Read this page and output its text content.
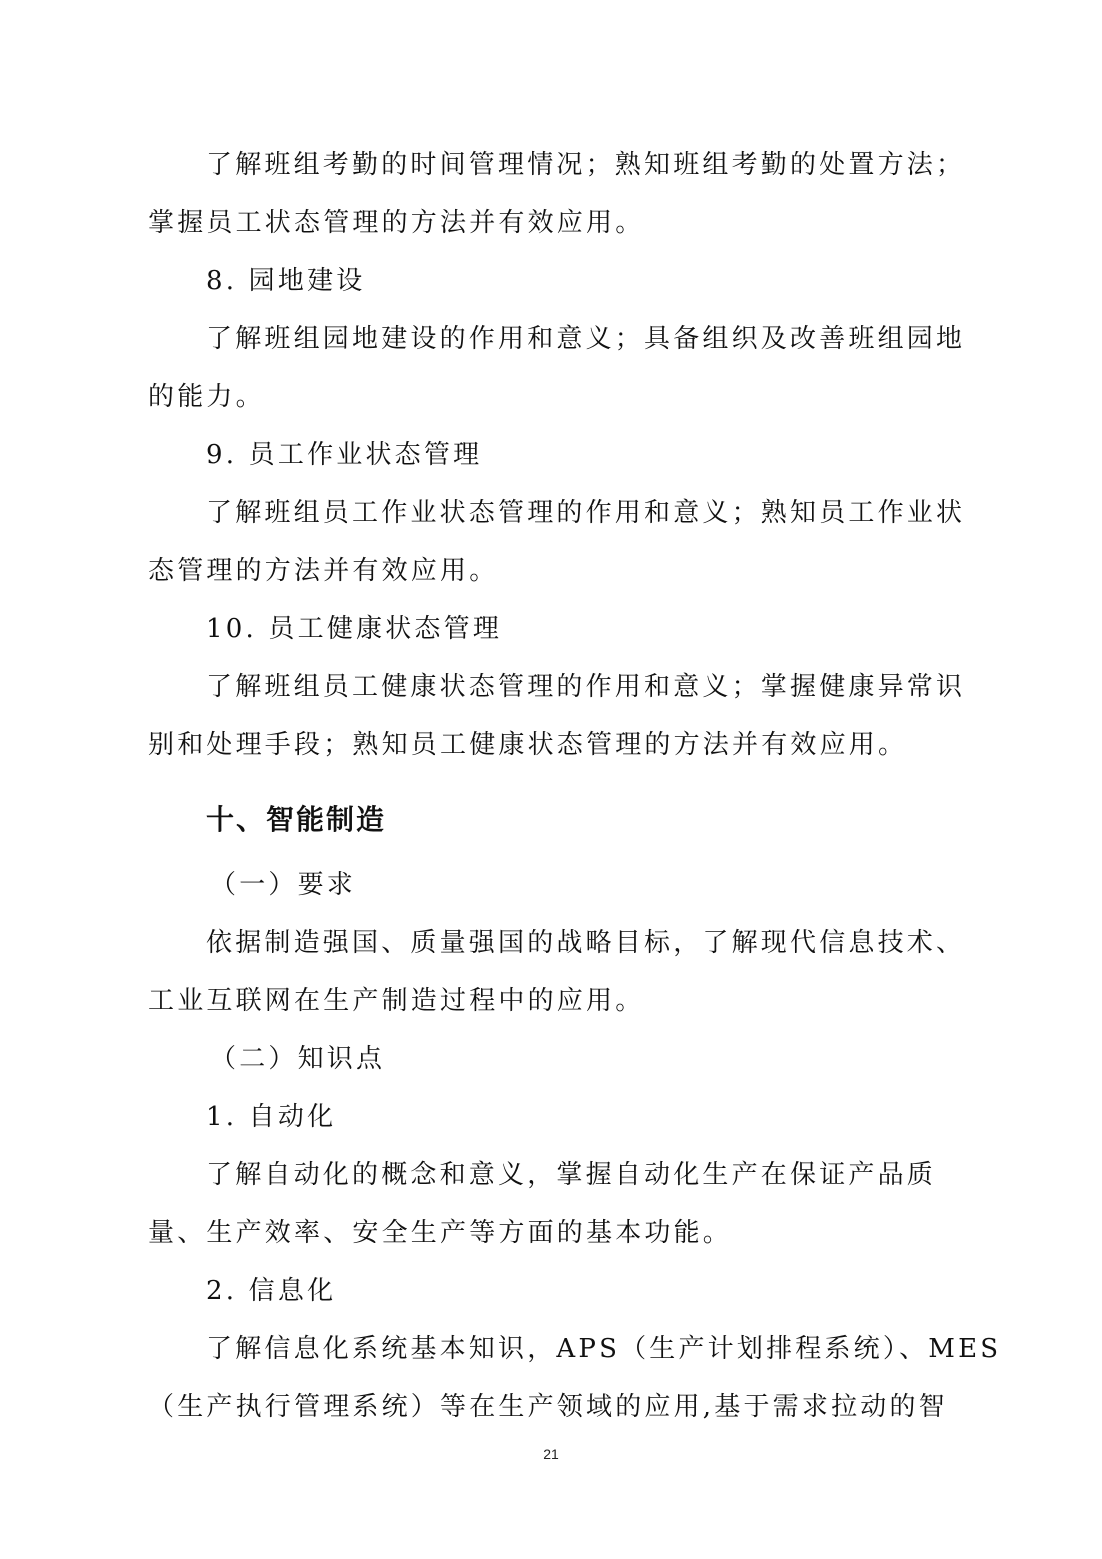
了解班组考勤的时间管理情况；熟知班组考勤的处置方法；
掌握员工状态管理的方法并有效应用。
8. 园地建设
了解班组园地建设的作用和意义；具备组织及改善班组园地
的能力。
9. 员工作业状态管理
了解班组员工作业状态管理的作用和意义；熟知员工作业状
态管理的方法并有效应用。
10. 员工健康状态管理
了解班组员工健康状态管理的作用和意义；掌握健康异常识
别和处理手段；熟知员工健康状态管理的方法并有效应用。
十、智能制造
（一）要求
依据制造强国、质量强国的战略目标，了解现代信息技术、
工业互联网在生产制造过程中的应用。
（二）知识点
1. 自动化
了解自动化的概念和意义，掌握自动化生产在保证产品质
量、生产效率、安全生产等方面的基本功能。
2. 信息化
了解信息化系统基本知识，APS（生产计划排程系统）、MES
（生产执行管理系统）等在生产领域的应用,基于需求拉动的智
21
